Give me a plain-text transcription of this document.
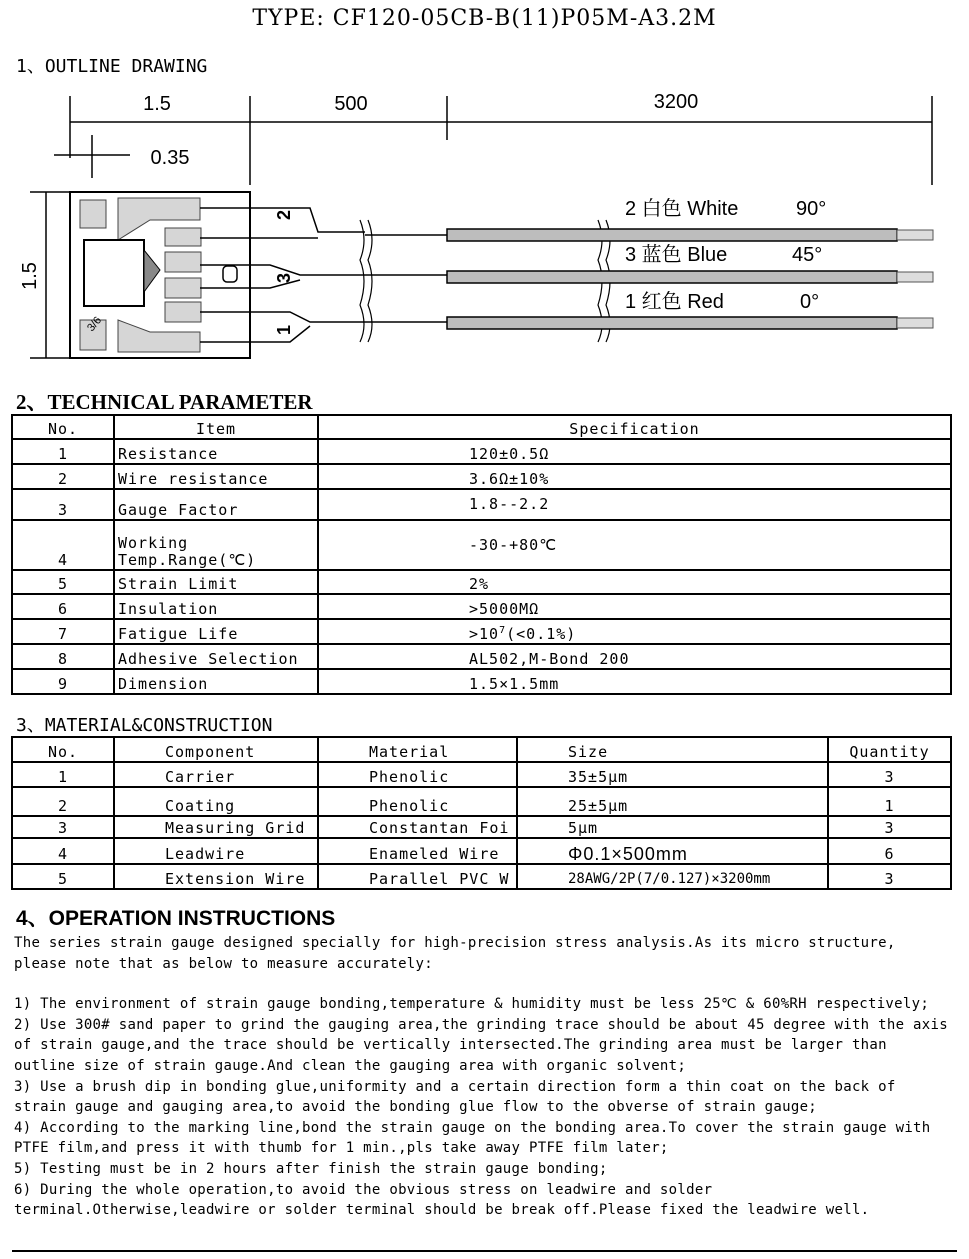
TYPE: CF120-05CB-B(11)P05M-A3.2M
1、OUTLINE DRAWING
1.5	500	3200
0.35
1.5
3/6
2
3
1
2 白色 White	90°
3 蓝色 Blue	45°
1 红色 Red	0°
2、TECHNICAL PARAMETER
No.	Item	Specification
1	Resistance	120±0.5Ω
2	Wire resistance	3.6Ω±10%
3	Gauge Factor	1.8--2.2
4	Working
Temp.Range(℃)	-30-+80℃
5	Strain Limit	2%
6	Insulation	>5000MΩ
7	Fatigue Life	$>10^7(<0.1\%)$
8	Adhesive Selection	AL502,M-Bond 200
9	Dimension	1.5×1.5mm
3、MATERIAL&CONSTRUCTION
No.	Component	Material	Size	Quantity
1	Carrier	Phenolic	35±5μm	3
2	Coating	Phenolic	25±5μm	1
3	Measuring Grid	Constantan Foi	5μm	3
4	Leadwire	Enameled Wire	Φ0.1×500mm	6
5	Extension Wire	Parallel PVC W	28AWG/2P(7/0.127)×3200mm	3
4、OPERATION INSTRUCTIONS

The series strain gauge designed specially for high-precision stress analysis.As its micro structure, please note that as below to measure accurately:

1) The environment of strain gauge bonding,temperature & humidity must be less 25℃ & 60%RH respectively;

2) Use 300# sand paper to grind the gauging area,the grinding trace should be about 45 degree with the axis of strain gauge,and the trace should be vertically intersected.The grinding area must be larger than outline size of strain gauge.And clean the gauging area with organic solvent;

3) Use a brush dip in bonding glue,uniformity and a certain direction form a thin coat on the back of strain gauge and gauging area,to avoid the bonding glue flow to the obverse of strain gauge;

4) According to the marking line,bond the strain gauge on the bonding area.To cover the strain gauge with PTFE film,and press it with thumb for 1 min.,pls take away PTFE film later;

5) Testing must be in 2 hours after finish the strain gauge bonding;

6) During the whole operation,to avoid the obvious stress on leadwire and solder terminal.Otherwise,leadwire or solder terminal should be break off.Please fixed the leadwire well.
